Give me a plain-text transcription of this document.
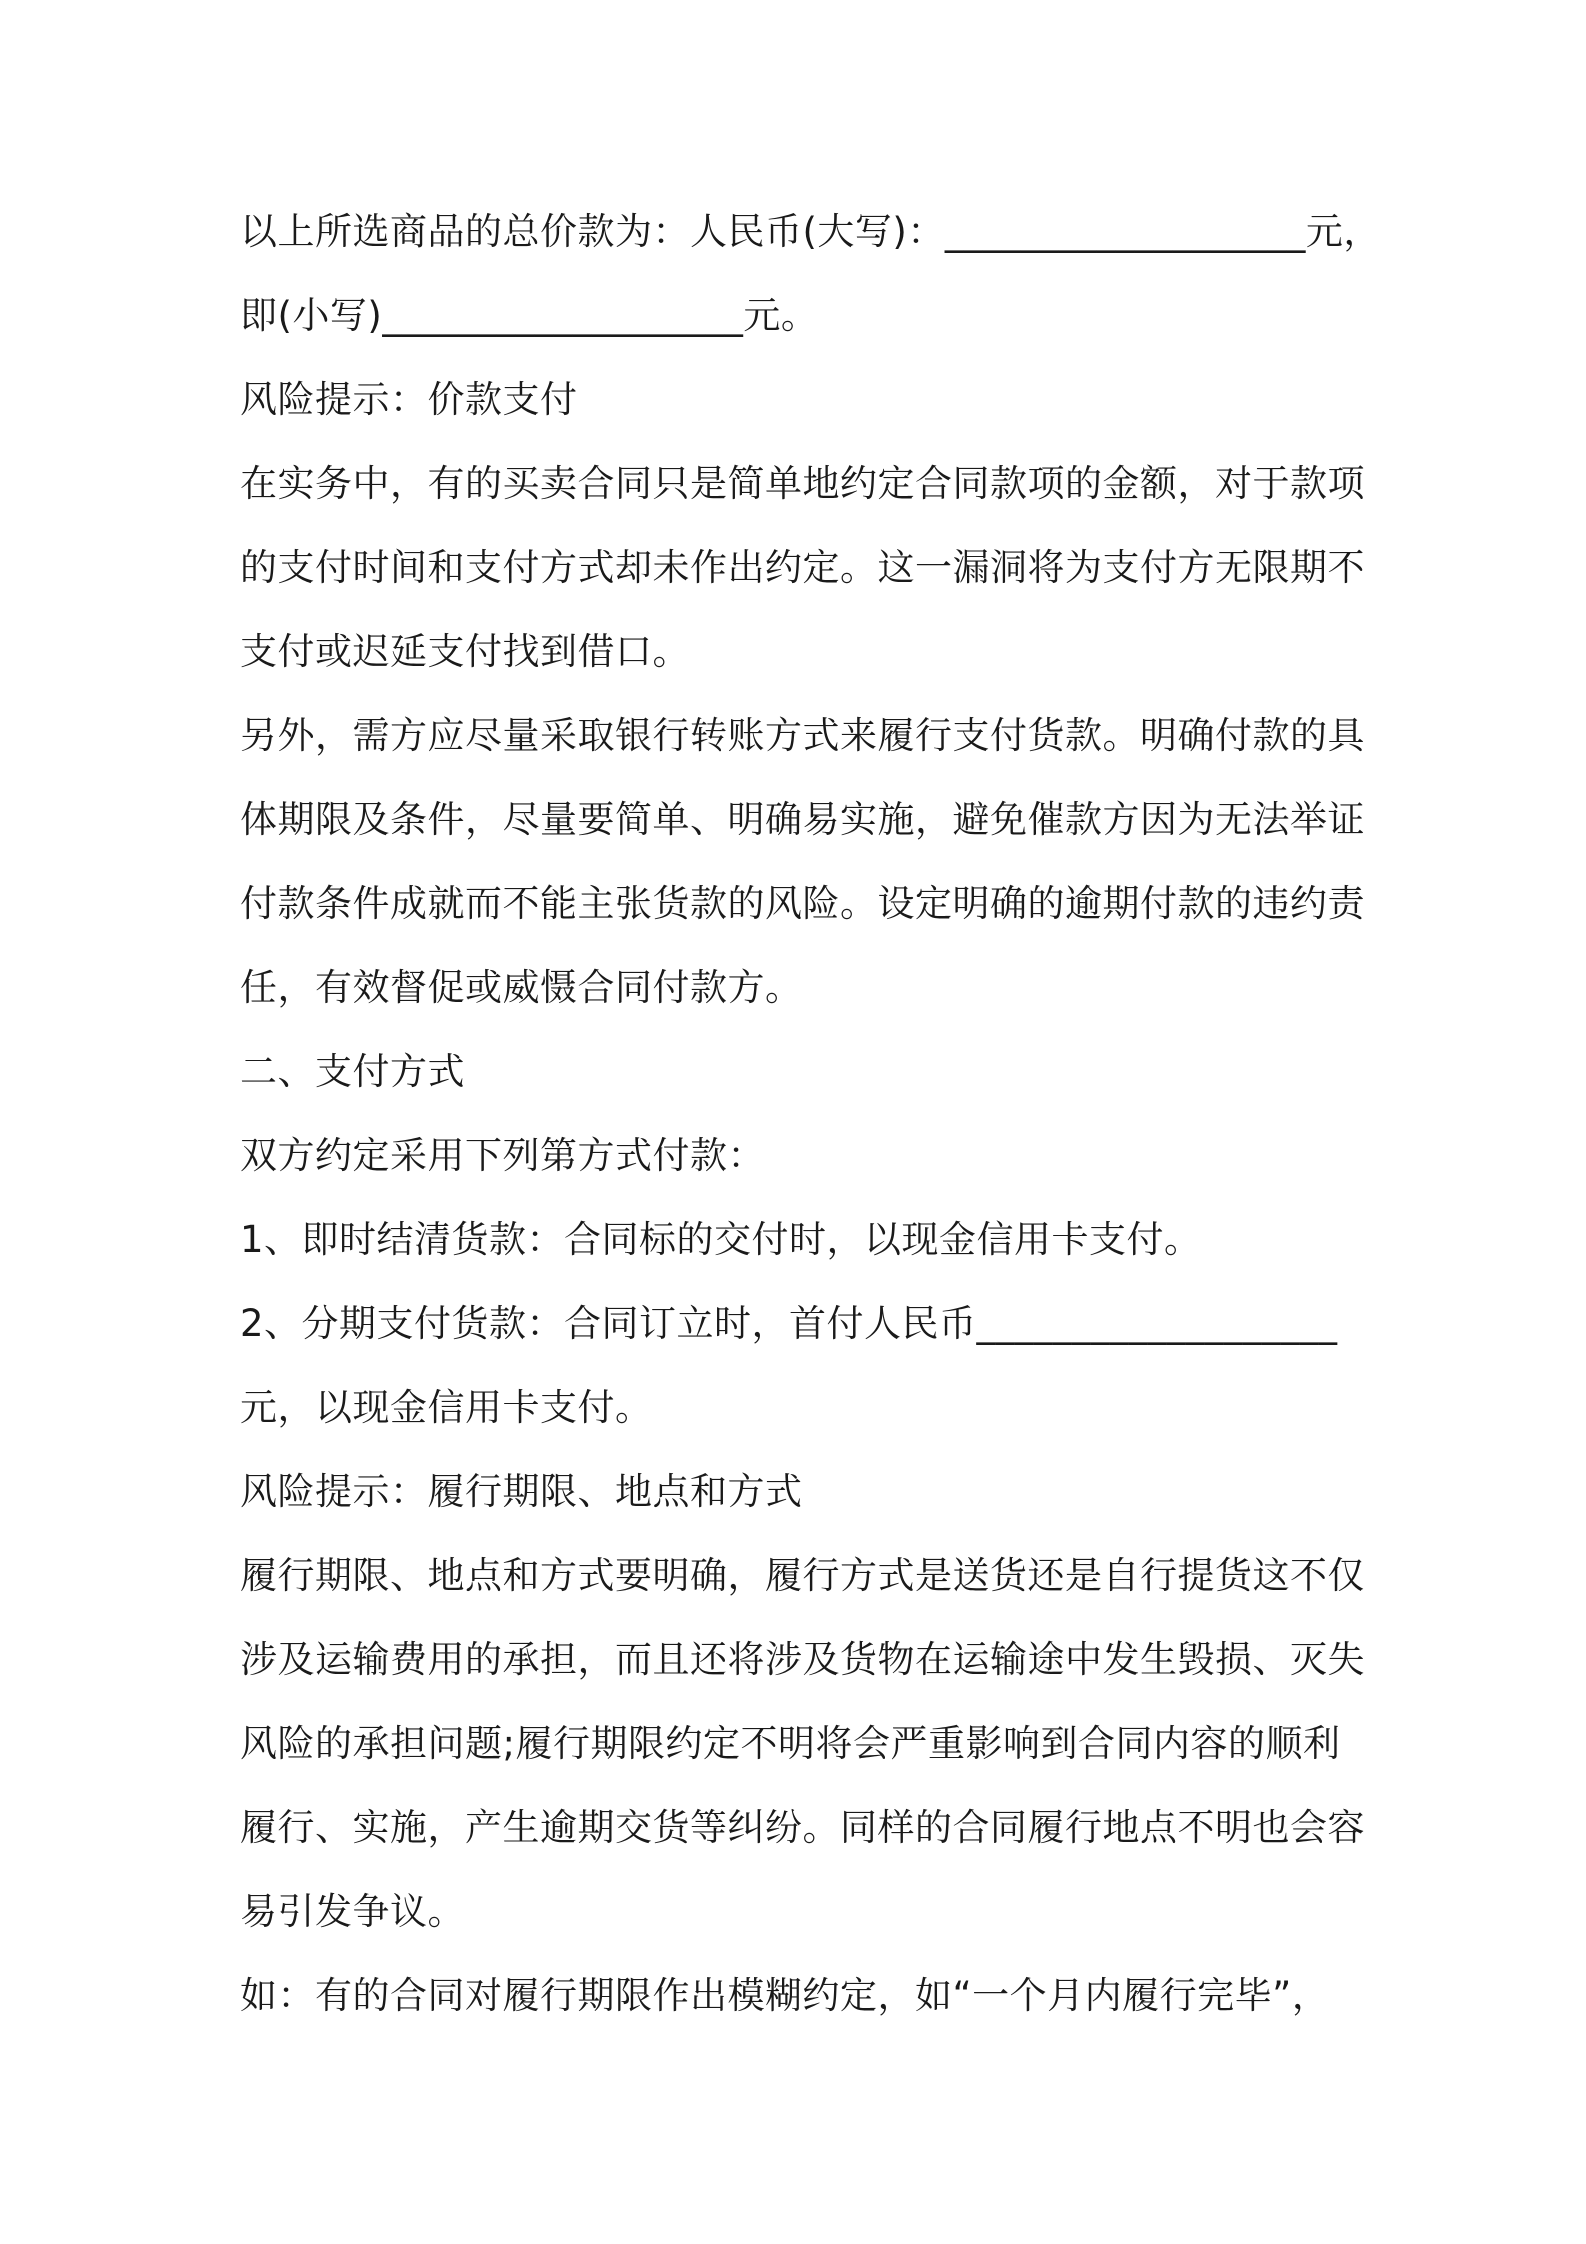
以上所选商品的总价款为：人民币(大写)：___________________元，
即(小写)___________________元。
风险提示：价款支付
在实务中，有的买卖合同只是简单地约定合同款项的金额，对于款项
的支付时间和支付方式却未作出约定。这一漏洞将为支付方无限期不
支付或迟延支付找到借口。
另外，需方应尽量采取银行转账方式来履行支付货款。明确付款的具
体期限及条件，尽量要简单、明确易实施，避免催款方因为无法举证
付款条件成就而不能主张货款的风险。设定明确的逾期付款的违约责
任，有效督促或威慑合同付款方。
二、支付方式
双方约定采用下列第方式付款：
1、即时结清货款：合同标的交付时，以现金信用卡支付。
2、分期支付货款：合同订立时，首付人民币___________________
元，以现金信用卡支付。
风险提示：履行期限、地点和方式
履行期限、地点和方式要明确，履行方式是送货还是自行提货这不仅
涉及运输费用的承担，而且还将涉及货物在运输途中发生毁损、灭失
风险的承担问题;履行期限约定不明将会严重影响到合同内容的顺利
履行、实施，产生逾期交货等纠纷。同样的合同履行地点不明也会容
易引发争议。
如：有的合同对履行期限作出模糊约定，如“一个月内履行完毕”，
